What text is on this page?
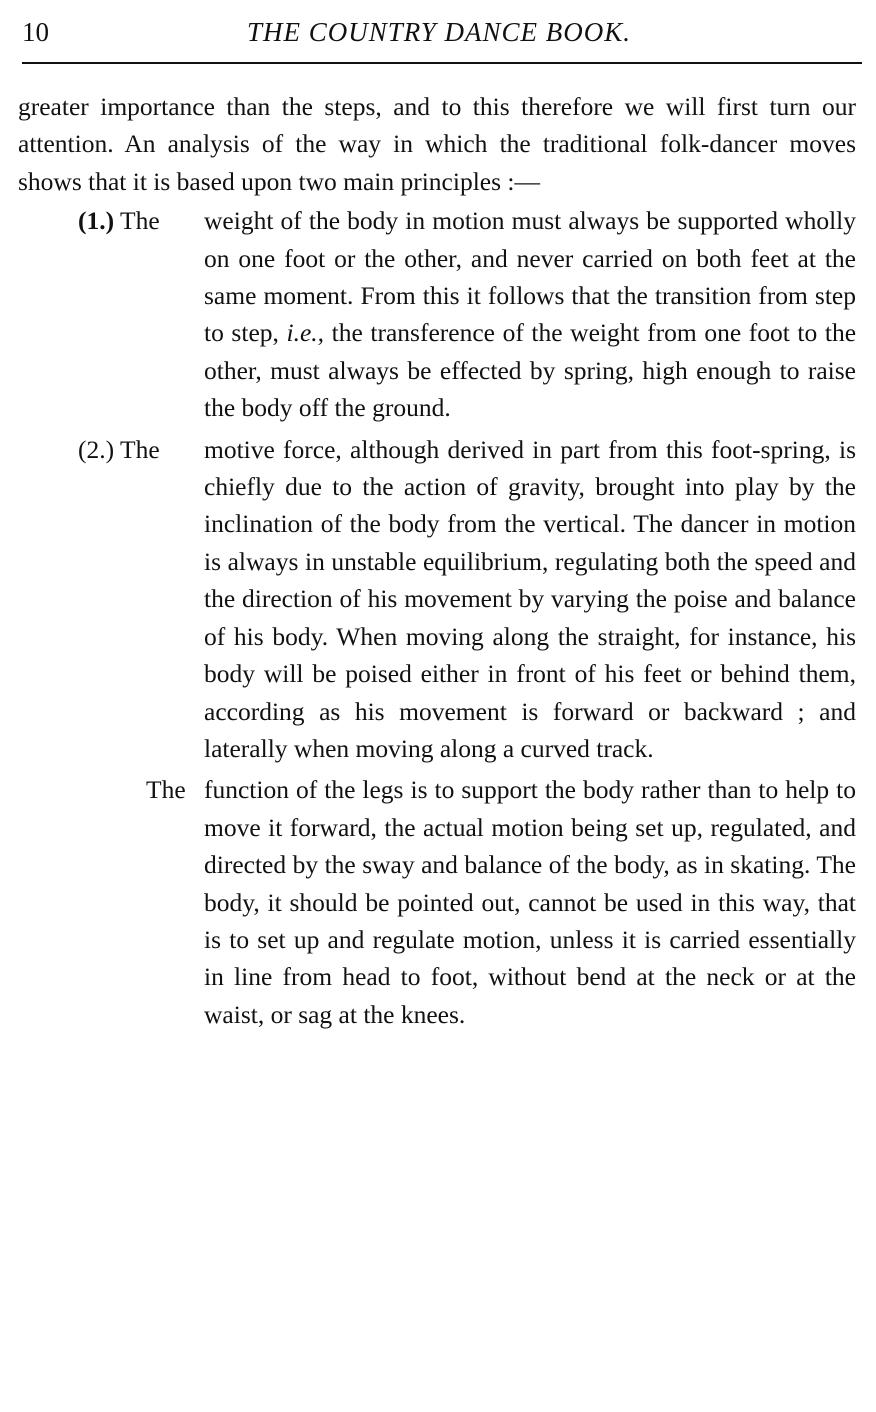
10	THE COUNTRY DANCE BOOK.

greater importance than the steps, and to this therefore we will first turn our attention. An analysis of the way in which the traditional folk-dancer moves shows that it is based upon two main principles :—

(1.) The	weight of the body in motion must always be supported wholly on one foot or the other, and never carried on both feet at the same moment. From this it follows that the transition from step to step, i.e., the transference of the weight from one foot to the other, must always be effected by spring, high enough to raise the body off the ground.
(2.) The	motive force, although derived in part from this foot-spring, is chiefly due to the action of gravity, brought into play by the inclination of the body from the vertical. The dancer in motion is always in unstable equilibrium, regulating both the speed and the direction of his movement by varying the poise and balance of his body. When moving along the straight, for instance, his body will be poised either in front of his feet or behind them, according as his movement is forward or backward ; and laterally when moving along a curved track.
The function of the legs is to support the body rather than to help to move it forward, the actual motion being set up, regulated, and directed by the sway and balance of the body, as in skating. The body, it should be pointed out, cannot be used in this way, that is to set up and regulate motion, unless it is carried essentially in line from head to foot, without bend at the neck or at the waist, or sag at the knees.
